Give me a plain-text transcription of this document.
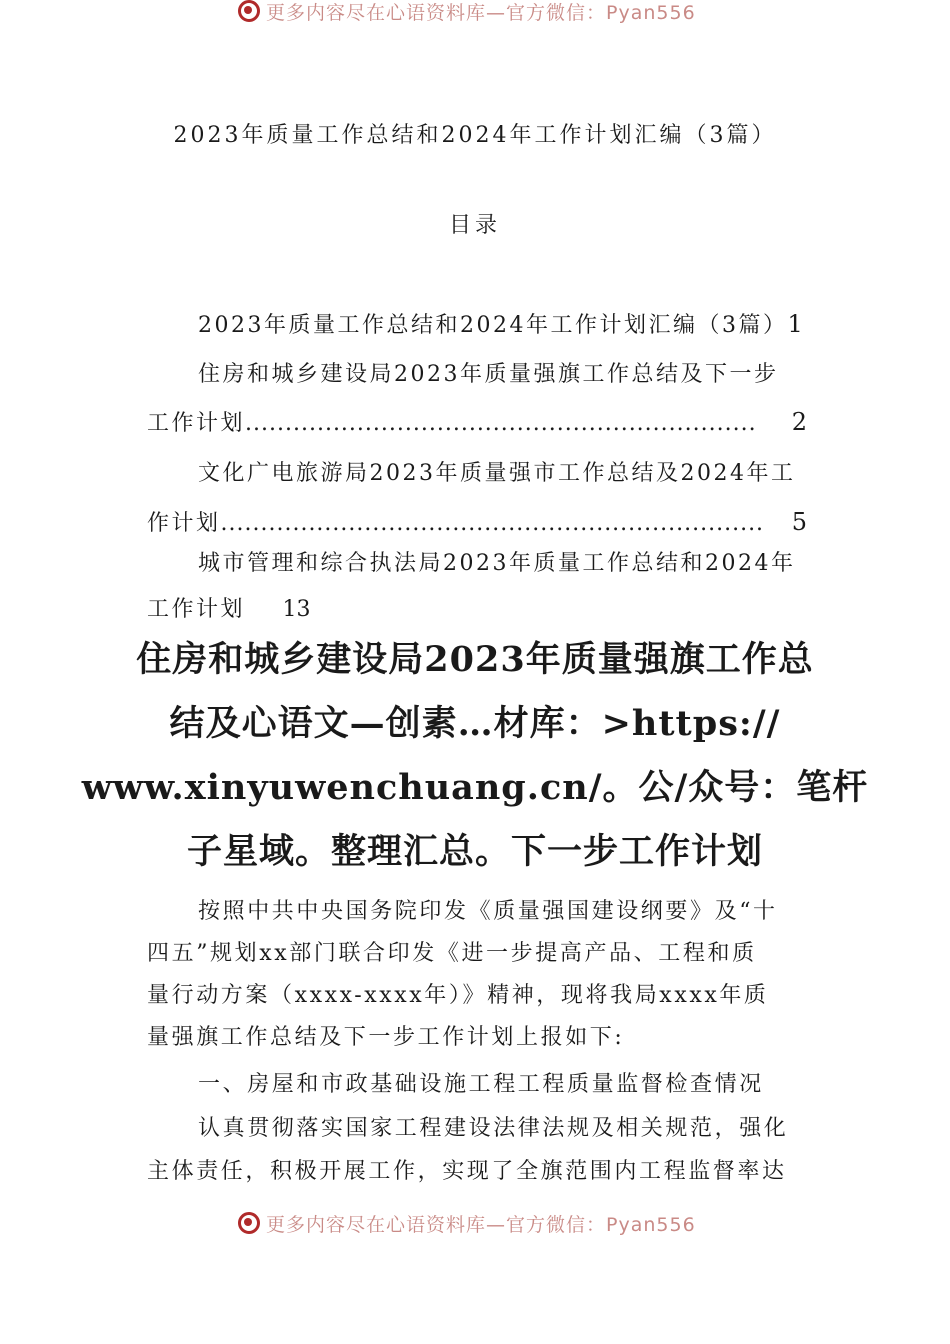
更多内容尽在心语资料库—官方微信：Pyan556
2023年质量工作总结和2024年工作计划汇编（3篇）
目录
2023年质量工作总结和2024年工作计划汇编（3篇）1
住房和城乡建设局2023年质量强旗工作总结及下一步
工作计划 ................................................................	2
文化广电旅游局2023年质量强市工作总结及2024年工
作计划 ....................................................................	5
城市管理和综合执法局2023年质量工作总结和2024年
工作计划 13
住房和城乡建设局2023年质量强旗工作总
结及心语文—创素…材库：>https://
www.xinyuwenchuang.cn/。公/众号：笔杆
子星域。整理汇总。下一步工作计划
按照中共中央国务院印发《质量强国建设纲要》及“十
四五”规划xx部门联合印发《进一步提高产品、工程和质
量行动方案（xxxx-xxxx年）》精神，现将我局xxxx年质
量强旗工作总结及下一步工作计划上报如下:
一、房屋和市政基础设施工程工程质量监督检查情况
认真贯彻落实国家工程建设法律法规及相关规范，强化
主体责任，积极开展工作，实现了全旗范围内工程监督率达
更多内容尽在心语资料库—官方微信：Pyan556
